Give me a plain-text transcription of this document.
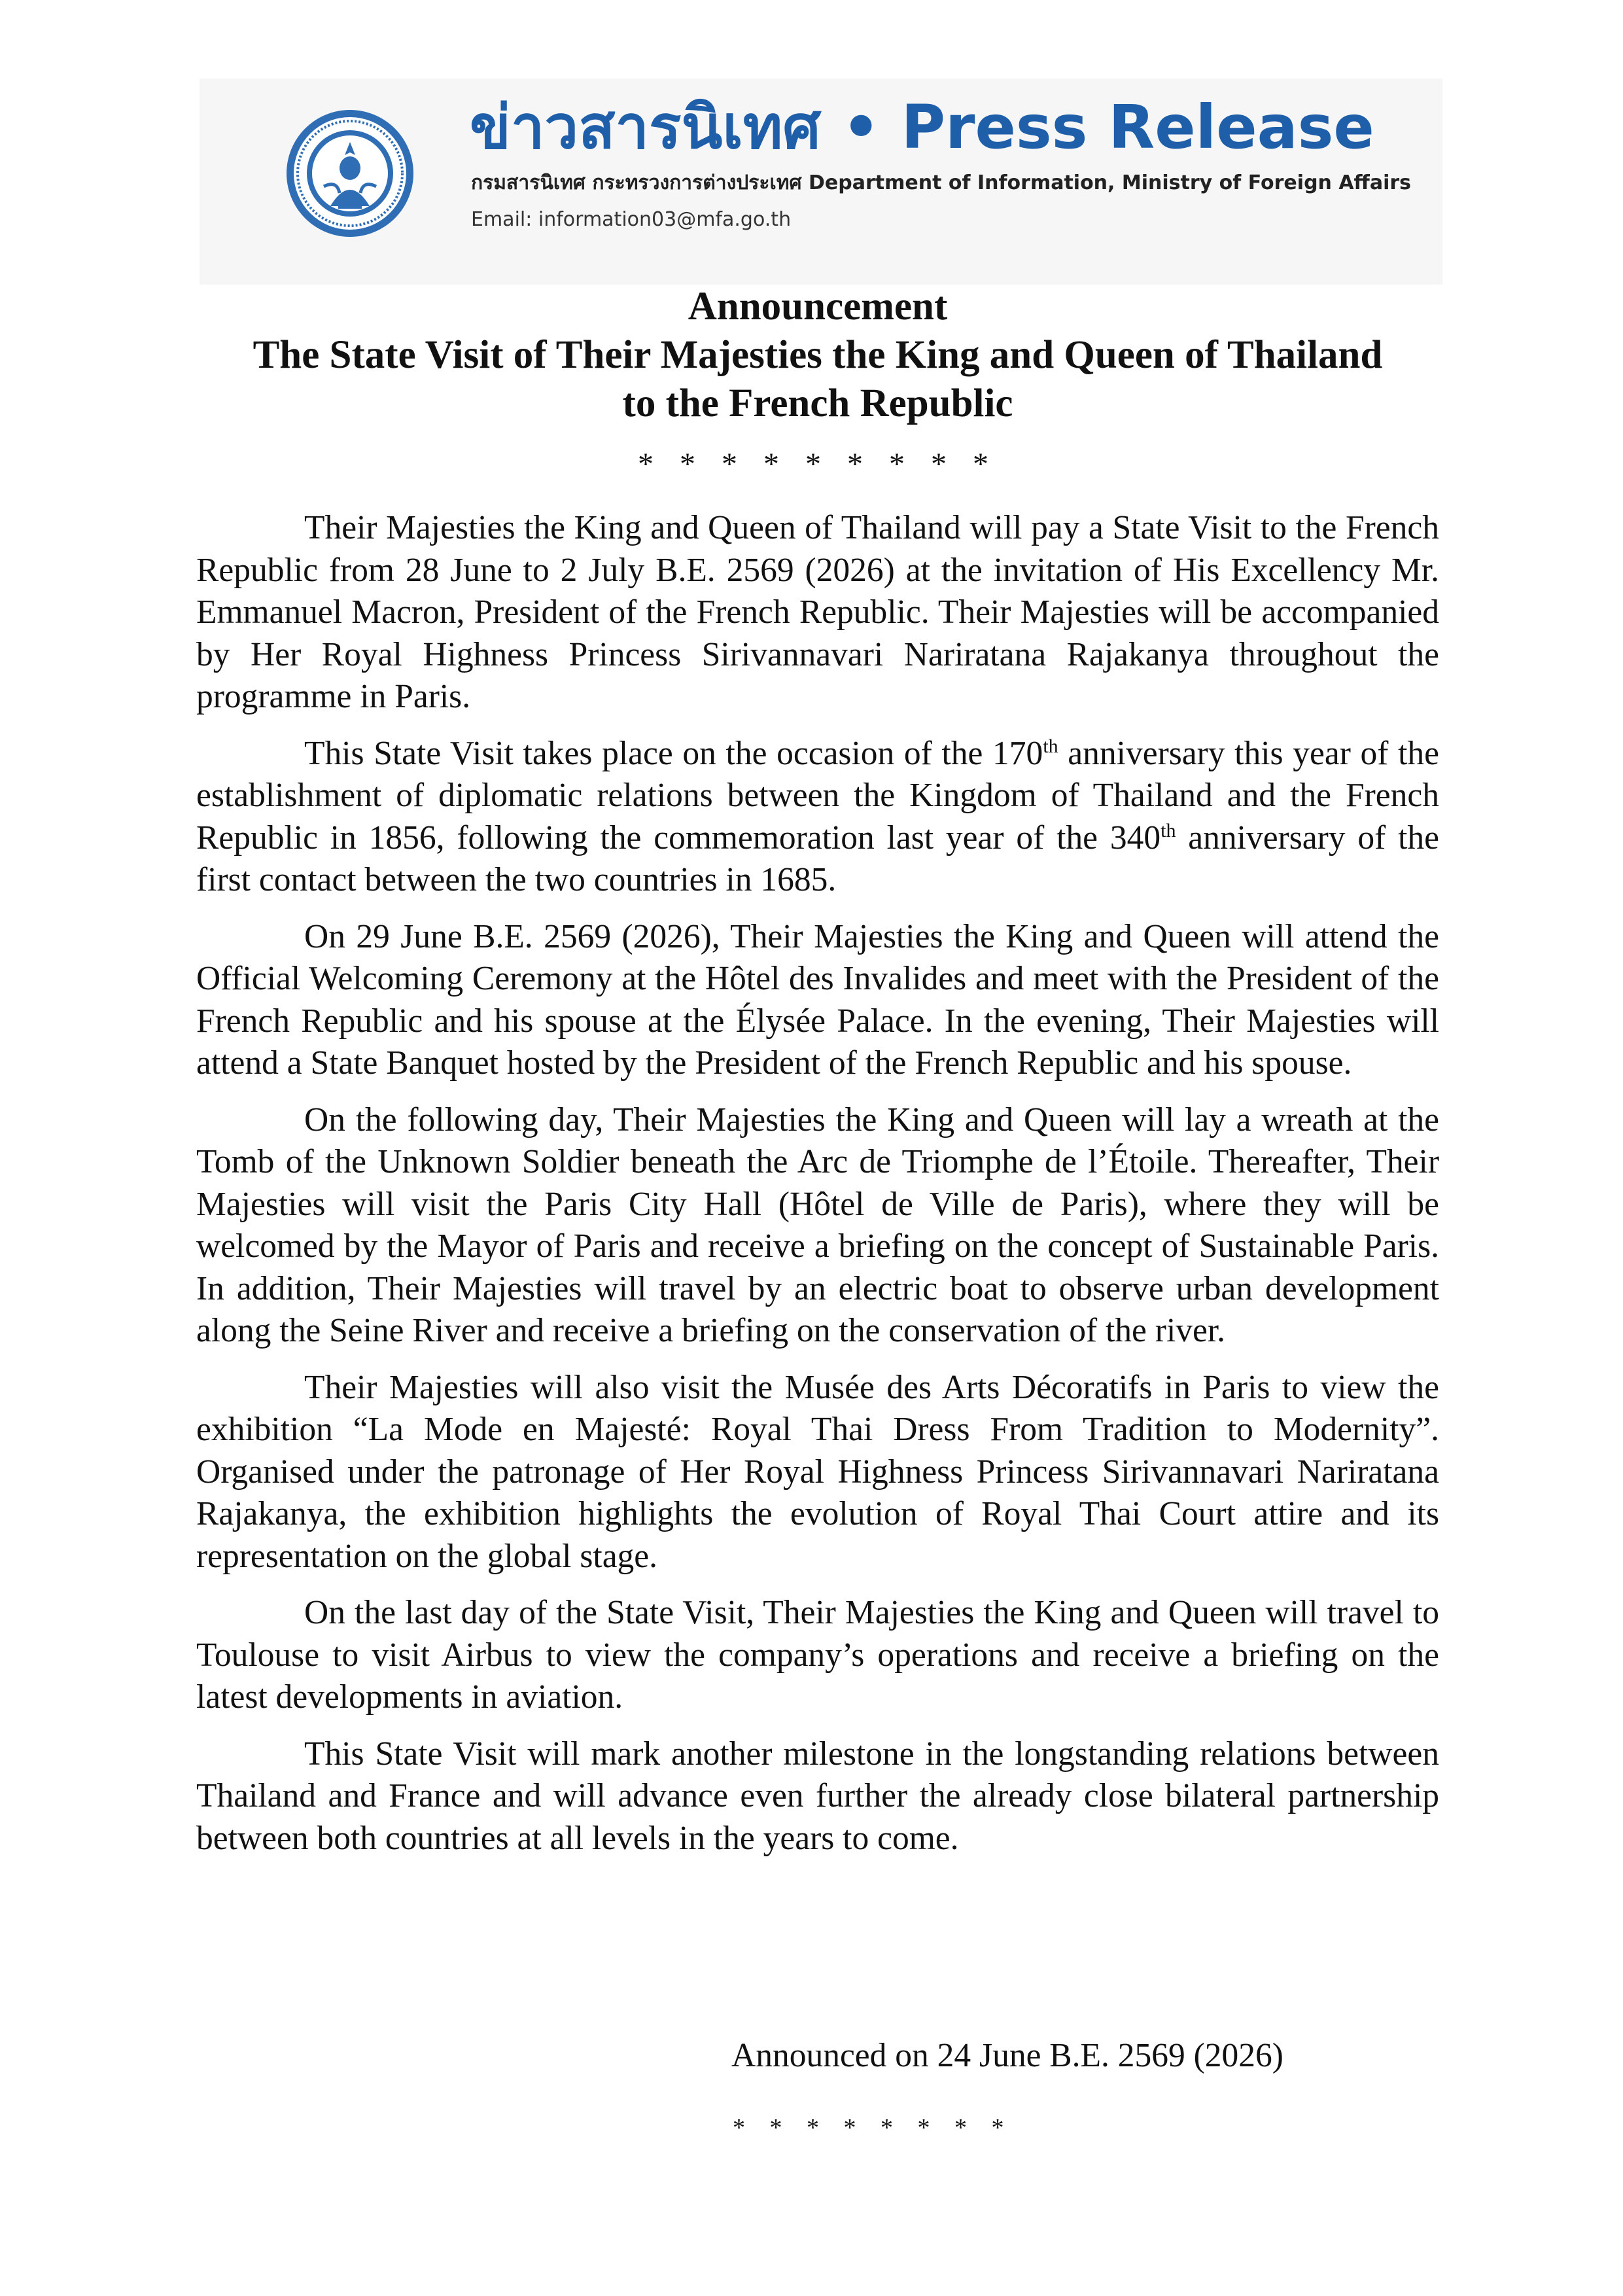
ข่าวสารนิเทศ • Press Release
กรมสารนิเทศ กระทรวงการต่างประเทศ Department of Information, Ministry of Foreign Affairs
Email: information03@mfa.go.th
Announcement
The State Visit of Their Majesties the King and Queen of Thailand
to the French Republic
* * * * * * * * *

Their Majesties the King and Queen of Thailand will pay a State Visit to the French Republic from 28 June to 2 July B.E. 2569 (2026) at the invitation of His Excellency Mr. Emmanuel Macron, President of the French Republic. Their Majesties will be accompanied by Her Royal Highness Princess Sirivannavari Nariratana Rajakanya throughout the programme in Paris.

This State Visit takes place on the occasion of the 170th anniversary this year of the establishment of diplomatic relations between the Kingdom of Thailand and the French Republic in 1856, following the commemoration last year of the 340th anniversary of the first contact between the two countries in 1685.

On 29 June B.E. 2569 (2026), Their Majesties the King and Queen will attend the Official Welcoming Ceremony at the Hôtel des Invalides and meet with the President of the French Republic and his spouse at the Élysée Palace. In the evening, Their Majesties will attend a State Banquet hosted by the President of the French Republic and his spouse.

On the following day, Their Majesties the King and Queen will lay a wreath at the Tomb of the Unknown Soldier beneath the Arc de Triomphe de l’Étoile. Thereafter, Their Majesties will visit the Paris City Hall (Hôtel de Ville de Paris), where they will be welcomed by the Mayor of Paris and receive a briefing on the concept of Sustainable Paris. In addition, Their Majesties will travel by an electric boat to observe urban development along the Seine River and receive a briefing on the conservation of the river.

Their Majesties will also visit the Musée des Arts Décoratifs in Paris to view the exhibition “La Mode en Majesté: Royal Thai Dress From Tradition to Modernity”. Organised under the patronage of Her Royal Highness Princess Sirivannavari Nariratana Rajakanya, the exhibition highlights the evolution of Royal Thai Court attire and its representation on the global stage.

On the last day of the State Visit, Their Majesties the King and Queen will travel to Toulouse to visit Airbus to view the company’s operations and receive a briefing on the latest developments in aviation.

This State Visit will mark another milestone in the longstanding relations between Thailand and France and will advance even further the already close bilateral partnership between both countries at all levels in the years to come.

Announced on 24 June B.E. 2569 (2026)
* * * * * * * *
